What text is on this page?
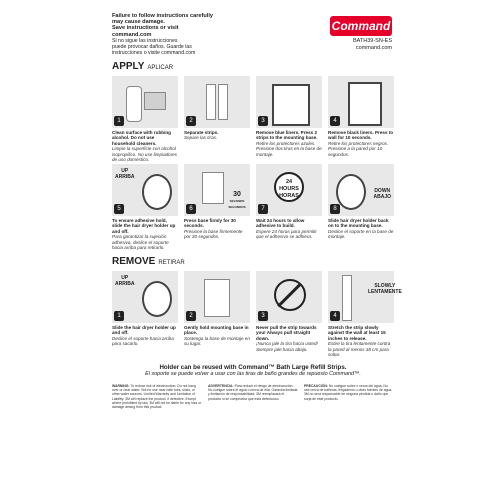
Failure to follow instructions carefully
may cause damage.
Save instructions or visit
command.com
Si no sigue las instrucciones
puede provocar daños. Guarde las
instrucciones o visite command.com
Command
BATH39-SN-ES
command.com
APPLY APLICAR
1
Clean surface with rubbing alcohol. Do not use household cleaners.
Limpie la superficie con alcohol isopropílico. No use limpiadores de uso doméstico.
2
Separate strips.
Separe las tiras.
3
Remove blue liners. Press 2 strips to the mounting base.
Retire los protectores azules. Presione dos tiras en la base de montaje.
4
Remove black liners. Press to wall for 10 seconds.
Retire los protectores negros. Presione a la pared por 10 segundos.
UP
ARRIBA
5
To ensure adhesive hold, slide the hair dryer holder up and off.
Para garantizar la sujeción adhesiva, deslice el soporte hacia arriba para retirarlo.
30
SECONDS SEGUNDOS
6
Press base firmly for 30 seconds.
Presione la base firmemente por 30 segundos.
24 HOURS
HORAS
7
Wait 24 hours to allow adhesive to build.
Espere 24 horas para permitir que el adhesivo se adhiera.
DOWN
ABAJO
8
Slide hair dryer holder back on to the mounting base.
Deslice el soporte en la base de montaje.
REMOVE RETIRAR
UP
ARRIBA
1
Slide the hair dryer holder up and off.
Deslice el soporte hacia arriba para sacarlo.
2
Gently hold mounting base in place.
Sostenga la base de montaje en su lugar.
3
Never pull the strip towards you! Always pull straight down.
¡Nunca jale la tira hacia usted! Siempre jale hacia abajo.
SLOWLY
LENTAMENTE
4
Stretch the strip slowly against the wall at least 15 inches to release.
Estire la tira lentamente contra la pared al menos 38 cm para soltar.
Holder can be reused with Command™ Bath Large Refill Strips.
El soporte se puede volver a usar con las tiras de baño grandes de repuesto Command™.
WARNING: To reduce risk of electrocution: Do not hang over or near water. Not for use near bath tubs, sinks, or other water sources. Limited Warranty and Limitation of Liability: 3M will replace the product, if defective. Except where prohibited by law, 3M will not be liable for any loss or damage arising from this product.
ADVERTENCIA: Para reducir el riesgo de electrocución: No cuelgue sobre el agua o cerca de ella. Garantía limitada y limitación de responsabilidad: 3M reemplazará el producto si se comprueba que está defectuoso.
PRECAUCIÓN: No cuelgue sobre o cerca del agua. No use cerca de bañeras, fregaderos u otras fuentes de agua. 3M no será responsable de ninguna pérdida o daño que surja de este producto.
